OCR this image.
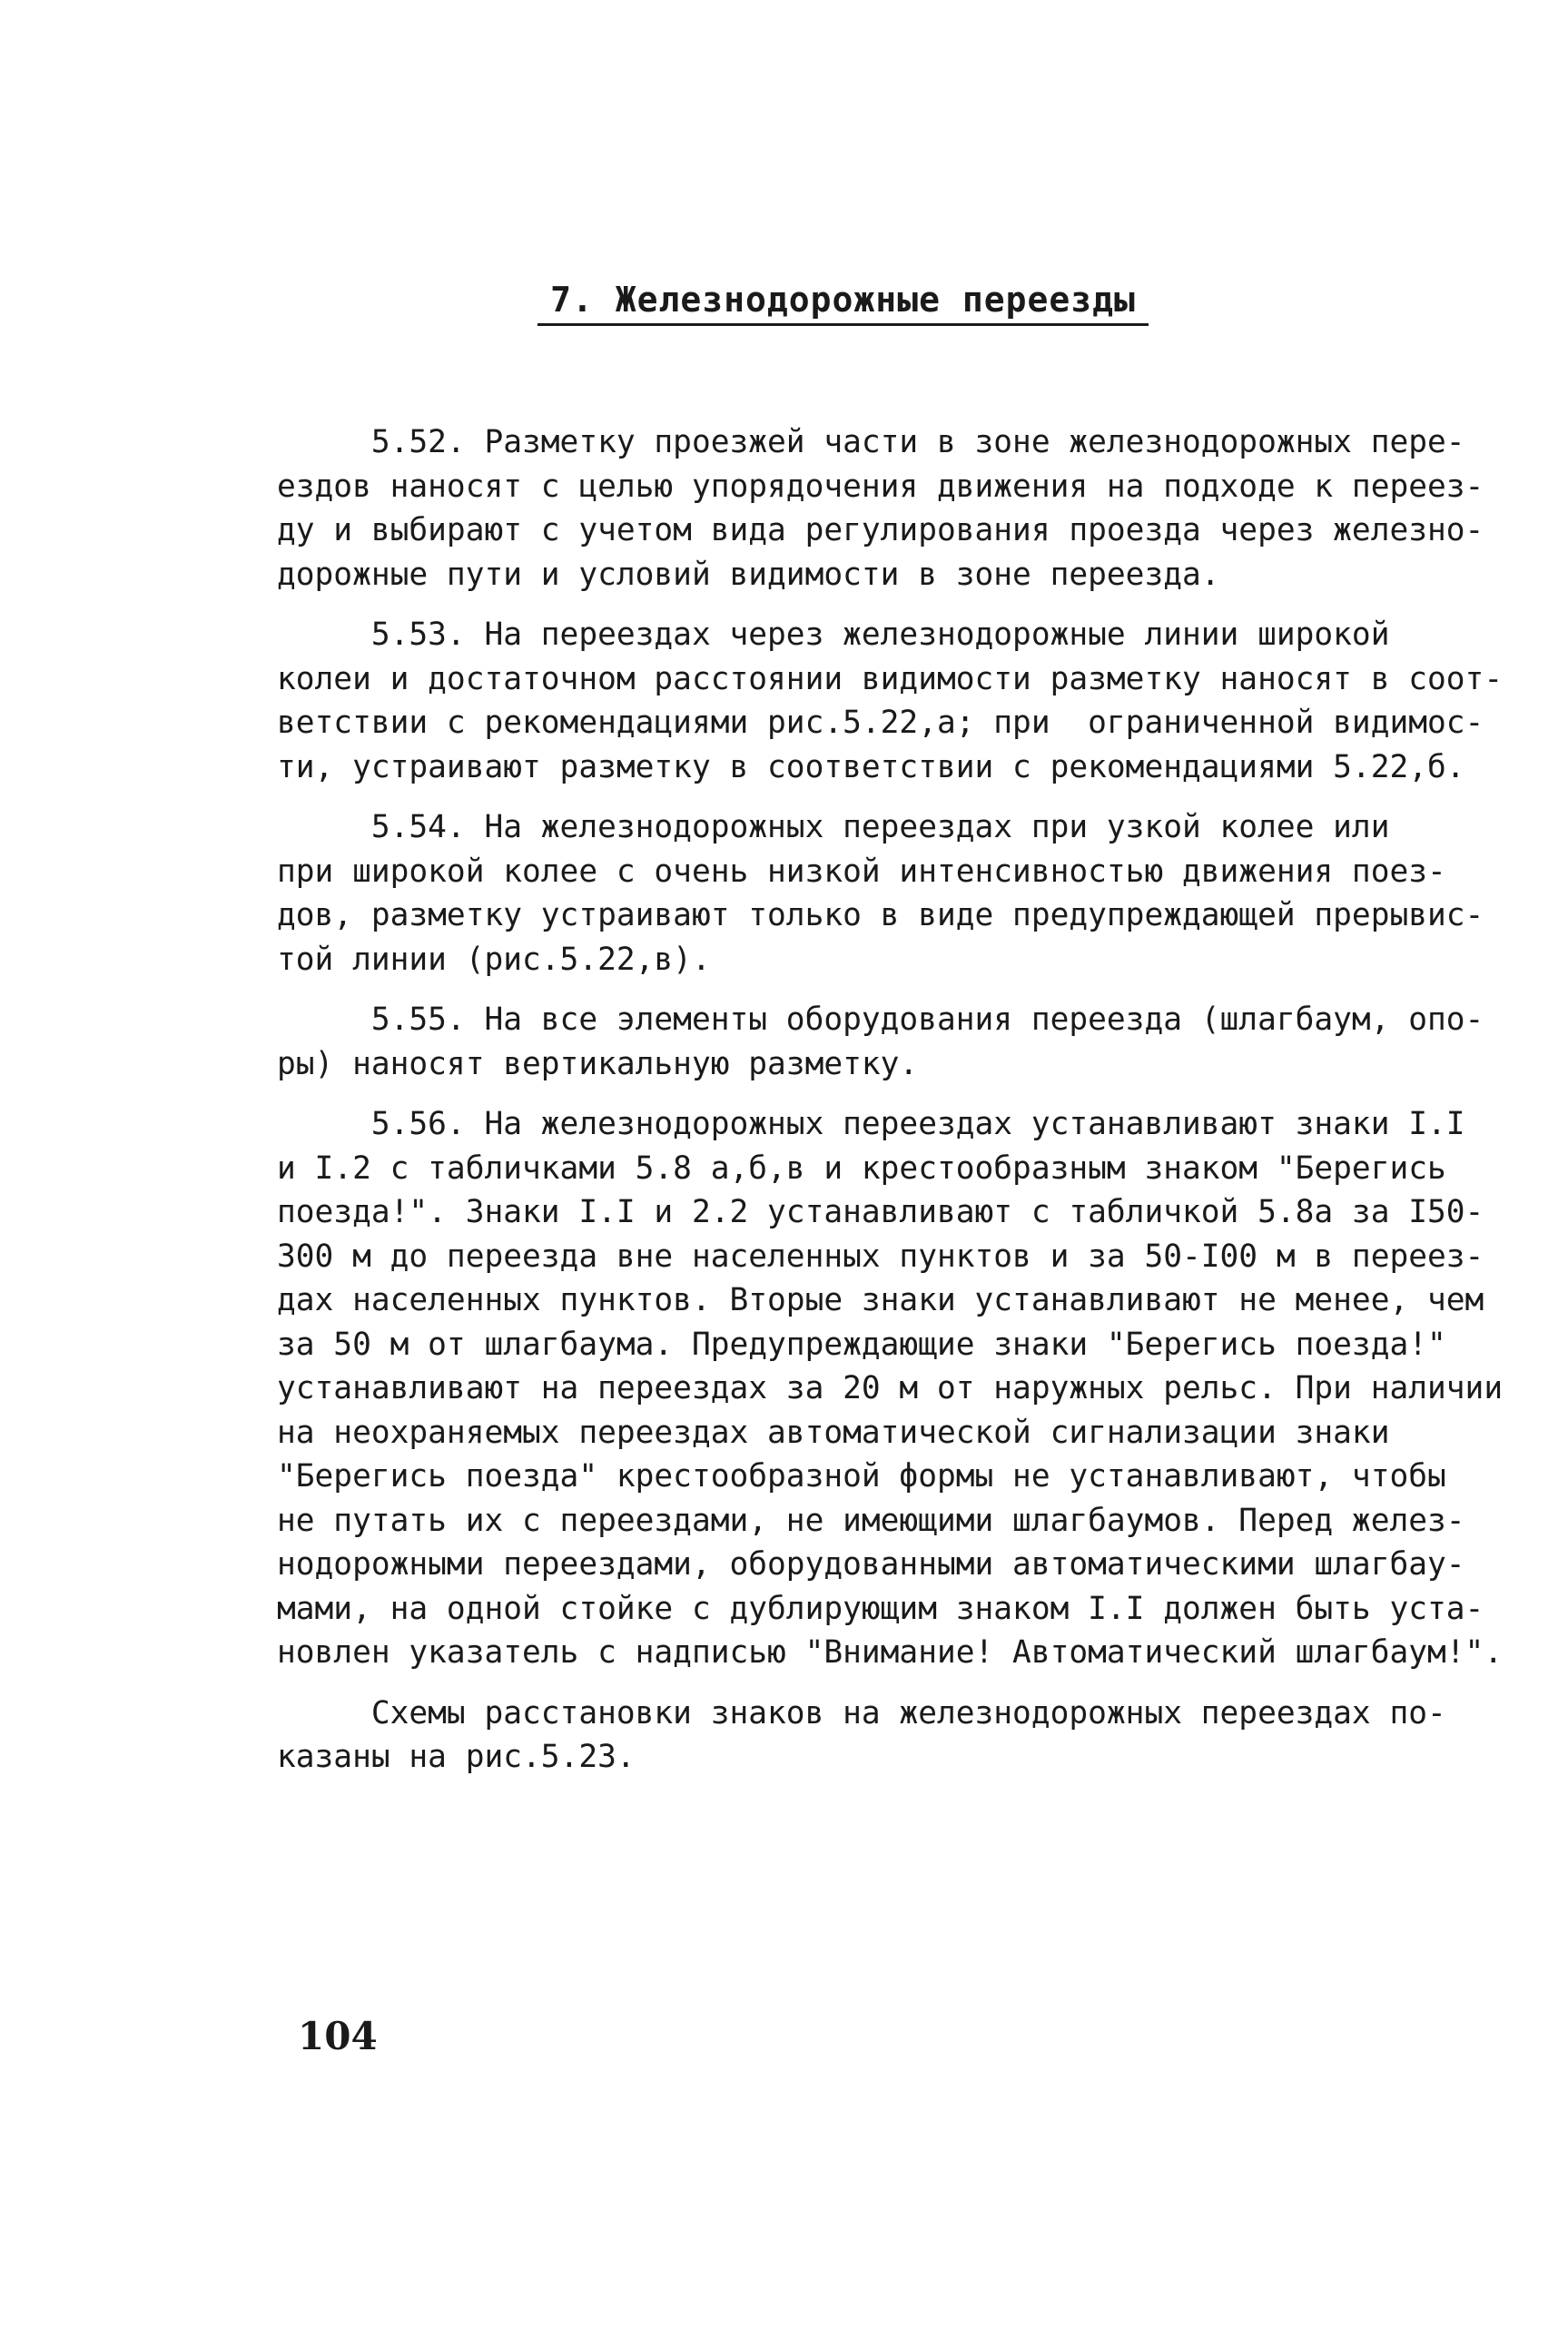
7. Железнодорожные переезды
5.52. Разметку проезжей части в зоне железнодорожных пере-
ездов наносят с целью упорядочения движения на подходе к переез-
ду и выбирают с учетом вида регулирования проезда через железно-
дорожные пути и условий видимости в зоне переезда.
5.53. На переездах через железнодорожные линии широкой
колеи и достаточном расстоянии видимости разметку наносят в соот-
ветствии с рекомендациями рис.5.22,а; при  ограниченной видимос-
ти, устраивают разметку в соответствии с рекомендациями 5.22,б.
5.54. На железнодорожных переездах при узкой колее или
при широкой колее с очень низкой интенсивностью движения поез-
дов, разметку устраивают только в виде предупреждающей прерывис-
той линии (рис.5.22,в).
5.55. На все элементы оборудования переезда (шлагбаум, опо-
ры) наносят вертикальную разметку.
5.56. На железнодорожных переездах устанавливают знаки I.I
и I.2 с табличками 5.8 а,б,в и крестообразным знаком "Берегись
поезда!". Знаки I.I и 2.2 устанавливают с табличкой 5.8а за I50-
300 м до переезда вне населенных пунктов и за 50-I00 м в переез-
дах населенных пунктов. Вторые знаки устанавливают не менее, чем
за 50 м от шлагбаума. Предупреждающие знаки "Берегись поезда!"
устанавливают на переездах за 20 м от наружных рельс. При наличии
на неохраняемых переездах автоматической сигнализации знаки
"Берегись поезда" крестообразной формы не устанавливают, чтобы
не путать их с переездами, не имеющими шлагбаумов. Перед желез-
нодорожными переездами, оборудованными автоматическими шлагбау-
мами, на одной стойке с дублирующим знаком I.I должен быть уста-
новлен указатель с надписью "Внимание! Автоматический шлагбаум!".
Схемы расстановки знаков на железнодорожных переездах по-
казаны на рис.5.23.
104
